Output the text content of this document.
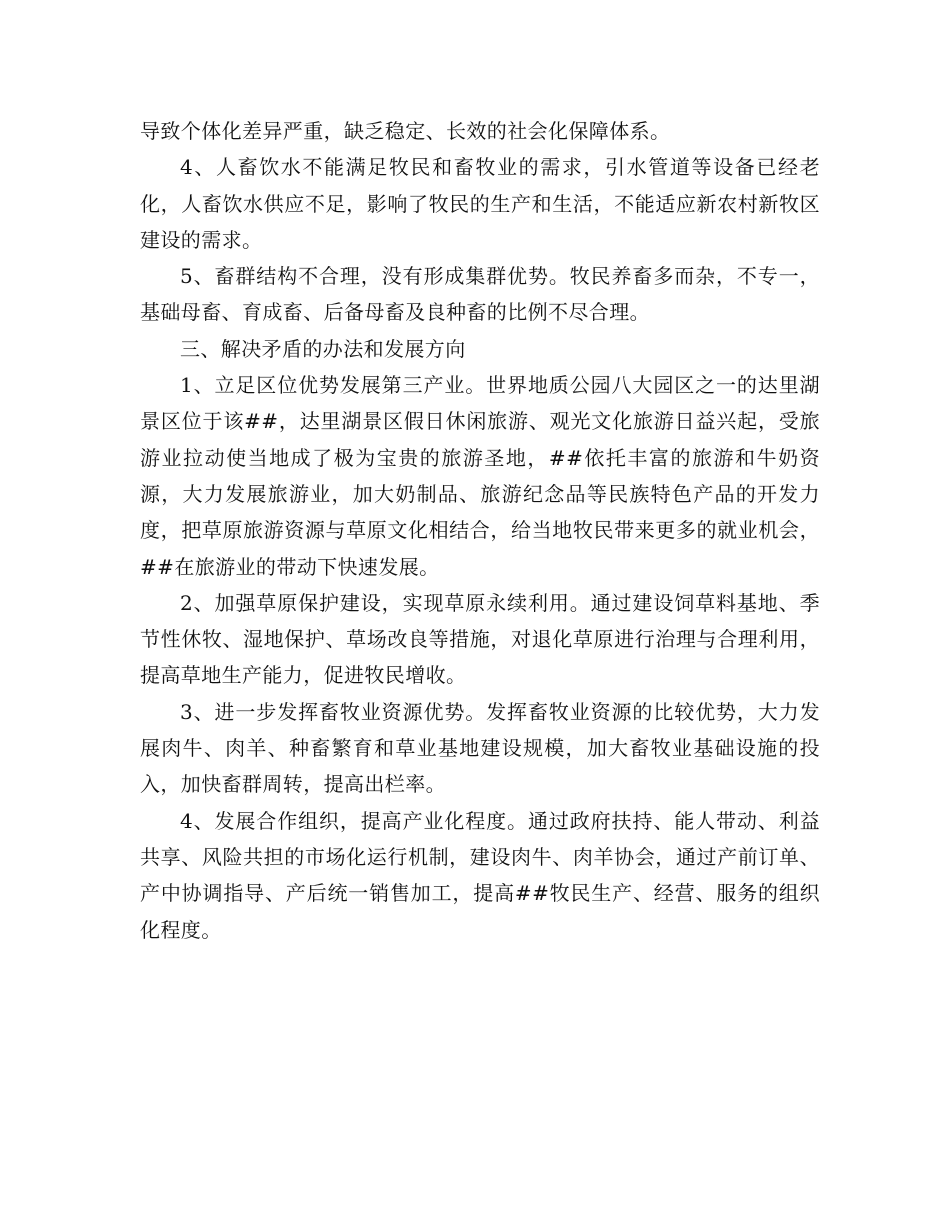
导致个体化差异严重，缺乏稳定、长效的社会化保障体系。

4、人畜饮水不能满足牧民和畜牧业的需求，引水管道等设备已经老化，人畜饮水供应不足，影响了牧民的生产和生活，不能适应新农村新牧区建设的需求。

5、畜群结构不合理，没有形成集群优势。牧民养畜多而杂，不专一，基础母畜、育成畜、后备母畜及良种畜的比例不尽合理。

三、解决矛盾的办法和发展方向

1、立足区位优势发展第三产业。世界地质公园八大园区之一的达里湖景区位于该##，达里湖景区假日休闲旅游、观光文化旅游日益兴起，受旅游业拉动使当地成了极为宝贵的旅游圣地，##依托丰富的旅游和牛奶资源，大力发展旅游业，加大奶制品、旅游纪念品等民族特色产品的开发力度，把草原旅游资源与草原文化相结合，给当地牧民带来更多的就业机会，##在旅游业的带动下快速发展。

2、加强草原保护建设，实现草原永续利用。通过建设饲草料基地、季节性休牧、湿地保护、草场改良等措施，对退化草原进行治理与合理利用，提高草地生产能力，促进牧民增收。

3、进一步发挥畜牧业资源优势。发挥畜牧业资源的比较优势，大力发展肉牛、肉羊、种畜繁育和草业基地建设规模，加大畜牧业基础设施的投入，加快畜群周转，提高出栏率。

4、发展合作组织，提高产业化程度。通过政府扶持、能人带动、利益共享、风险共担的市场化运行机制，建设肉牛、肉羊协会，通过产前订单、产中协调指导、产后统一销售加工，提高##牧民生产、经营、服务的组织化程度。
